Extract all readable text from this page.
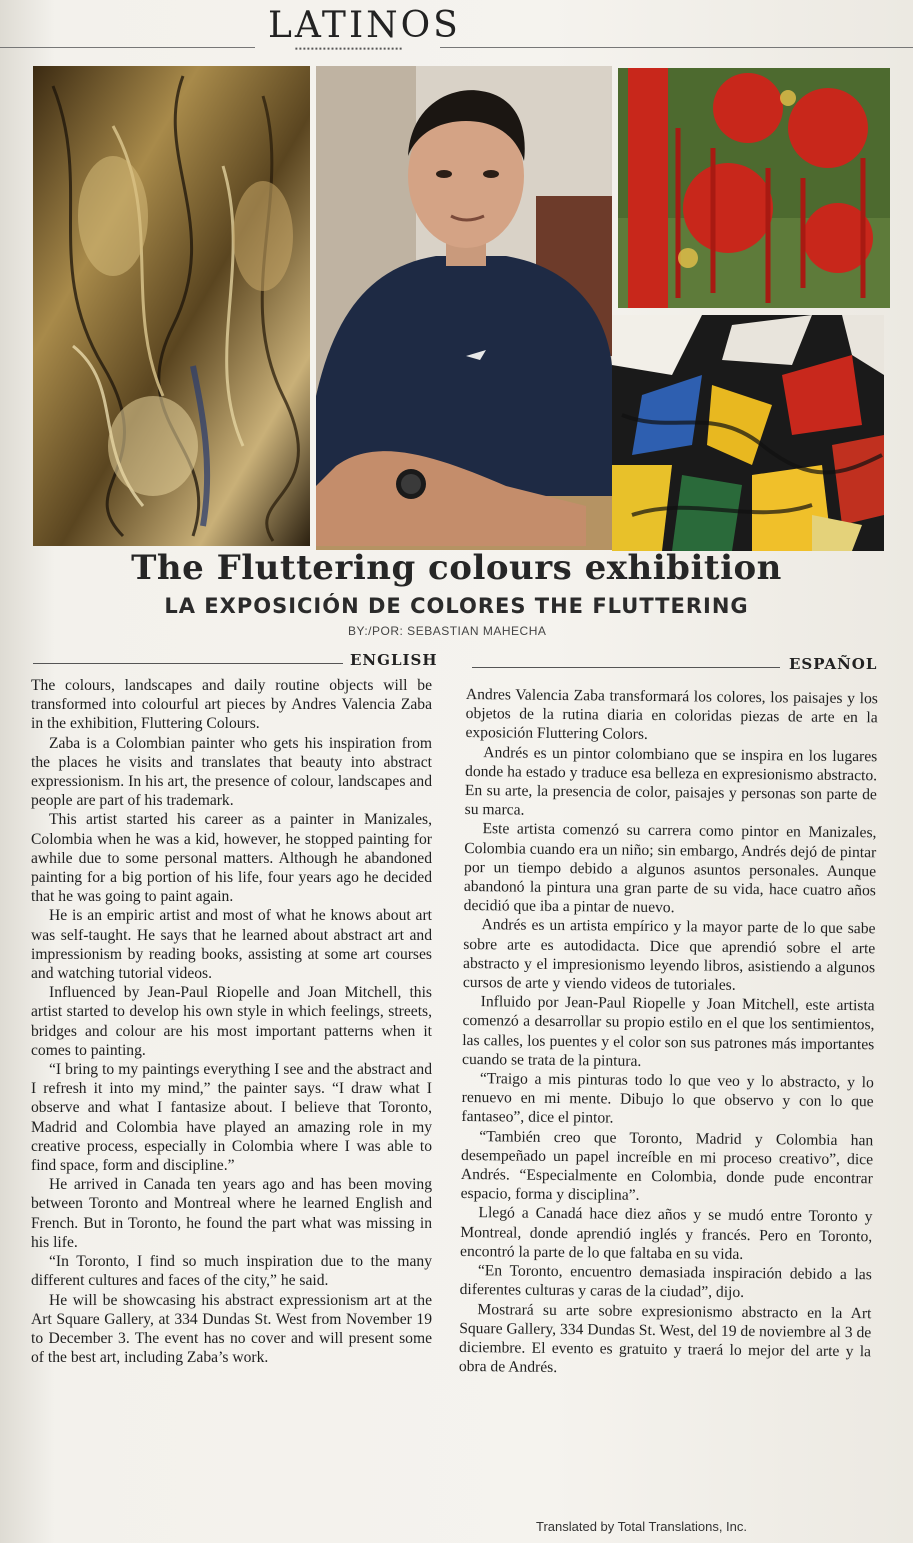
LATINOS
▪▪▪▪▪▪▪▪▪▪▪▪▪▪▪▪▪▪▪▪▪▪▪▪▪▪▪
The Fluttering colours exhibition
LA EXPOSICIÓN DE COLORES THE FLUTTERING
BY:/POR: SEBASTIAN MAHECHA
ENGLISH	ESPAÑOL

The colours, landscapes and daily routine objects will be transformed into colourful art pieces by Andres Valencia Zaba in the exhibition, Fluttering Colours.

Zaba is a Colombian painter who gets his inspiration from the places he visits and translates that beauty into abstract expressionism. In his art, the presence of colour, landscapes and people are part of his trademark.

This artist started his career as a painter in Manizales, Colombia when he was a kid, however, he stopped painting for awhile due to some personal matters. Although he abandoned painting for a big portion of his life, four years ago he decided that he was going to paint again.

He is an empiric artist and most of what he knows about art was self-taught. He says that he learned about abstract art and impressionism by reading books, assisting at some art courses and watching tutorial videos.

Influenced by Jean-Paul Riopelle and Joan Mitchell, this artist started to develop his own style in which feelings, streets, bridges and colour are his most important patterns when it comes to painting.

“I bring to my paintings everything I see and the abstract and I refresh it into my mind,” the painter says. “I draw what I observe and what I fantasize about. I believe that Toronto, Madrid and Colombia have played an amazing role in my creative process, especially in Colombia where I was able to find space, form and discipline.”

He arrived in Canada ten years ago and has been moving between Toronto and Montreal where he learned English and French. But in Toronto, he found the part what was missing in his life.

“In Toronto, I find so much inspiration due to the many different cultures and faces of the city,” he said.

He will be showcasing his abstract expressionism art at the Art Square Gallery, at 334 Dundas St. West from November 19 to December 3. The event has no cover and will present some of the best art, including Zaba’s work.

Andres Valencia Zaba transformará los colores, los paisajes y los objetos de la rutina diaria en coloridas piezas de arte en la exposición Fluttering Colors.

Andrés es un pintor colombiano que se inspira en los lugares donde ha estado y traduce esa belleza en expresionismo abstracto. En su arte, la presencia de color, paisajes y personas son parte de su marca.

Este artista comenzó su carrera como pintor en Manizales, Colombia cuando era un niño; sin embargo, Andrés dejó de pintar por un tiempo debido a algunos asuntos personales. Aunque abandonó la pintura una gran parte de su vida, hace cuatro años decidió que iba a pintar de nuevo.

Andrés es un artista empírico y la mayor parte de lo que sabe sobre arte es autodidacta. Dice que aprendió sobre el arte abstracto y el impresionismo leyendo libros, asistiendo a algunos cursos de arte y viendo videos de tutoriales.

Influido por Jean-Paul Riopelle y Joan Mitchell, este artista comenzó a desarrollar su propio estilo en el que los sentimientos, las calles, los puentes y el color son sus patrones más importantes cuando se trata de la pintura.

“Traigo a mis pinturas todo lo que veo y lo abstracto, y lo renuevo en mi mente. Dibujo lo que observo y con lo que fantaseo”, dice el pintor.

“También creo que Toronto, Madrid y Colombia han desempeñado un papel increíble en mi proceso creativo”, dice Andrés. “Especialmente en Colombia, donde pude encontrar espacio, forma y disciplina”.

Llegó a Canadá hace diez años y se mudó entre Toronto y Montreal, donde aprendió inglés y francés. Pero en Toronto, encontró la parte de lo que faltaba en su vida.

“En Toronto, encuentro demasiada inspiración debido a las diferentes culturas y caras de la ciudad”, dijo.

Mostrará su arte sobre expresionismo abstracto en la Art Square Gallery, 334 Dundas St. West, del 19 de noviembre al 3 de diciembre. El evento es gratuito y traerá lo mejor del arte y la obra de Andrés.

Translated by Total Translations, Inc.
